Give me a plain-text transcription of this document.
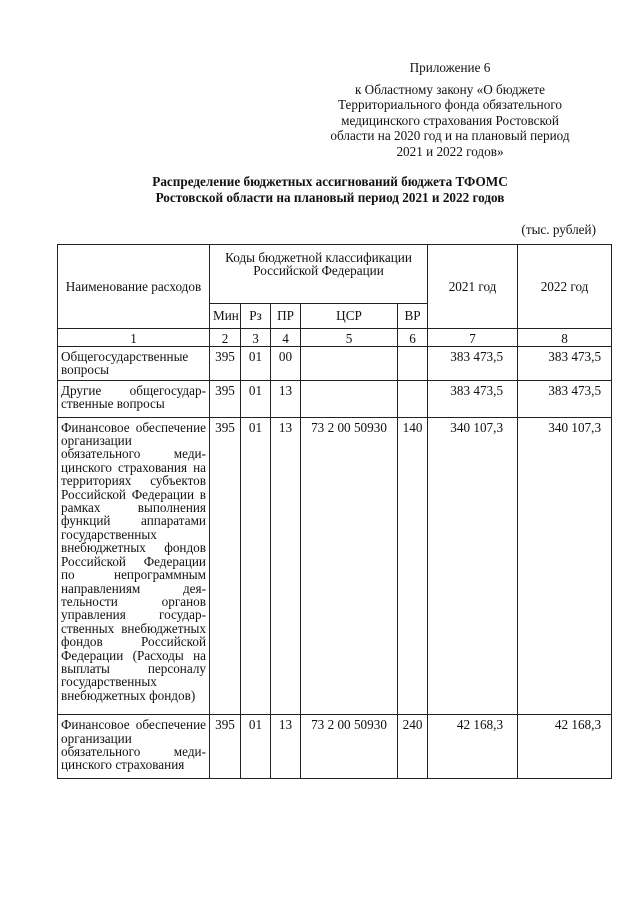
Приложение 6
к Областному закону «О бюджете
Территориального фонда обязательного
медицинского страхования Ростовской
области на 2020 год и на плановый период
2021 и 2022 годов»
Распределение бюджетных ассигнований бюджета ТФОМС
Ростовской области на плановый период 2021 и 2022 годов
(тыс. рублей)
Наименование расходов	Коды бюджетной классификации Российской Федерации					2021 год	2022 год
	Мин	Рз	ПР	ЦСР	ВР		
1	2	3	4	5	6	7	8
Общегосударственные вопросы	395	01	00			383 473,5	383 473,5
Другие общегосударственные вопросы	395	01	13			383 473,5	383 473,5
Финансовое обеспечение организации обязательного медицинского страхования на территориях субъектов Российской Федерации в рамках выполнения функций аппаратами государственных внебюджетных фондов Российской Федерации по непрограммным направлениям деятельности органов управления государственных внебюджетных фондов Российской Федерации (Расходы на выплаты персоналу государственных внебюджетных фондов)	395	01	13	73 2 00 50930	140	340 107,3	340 107,3
Финансовое обеспечение организации обязательного медицинского страхования	395	01	13	73 2 00 50930	240	42 168,3	42 168,3
